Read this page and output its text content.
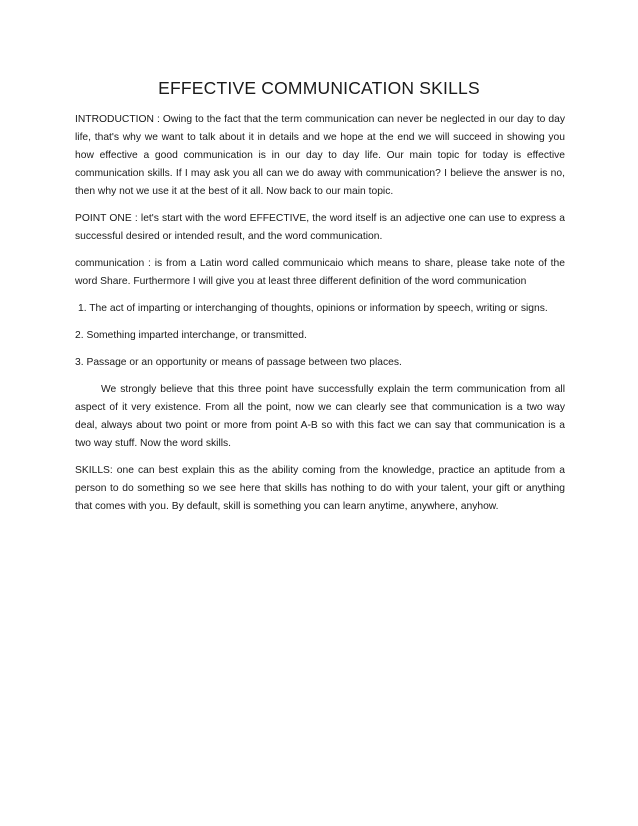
EFFECTIVE COMMUNICATION SKILLS

INTRODUCTION : Owing to the fact that the term communication can never be neglected in our day to day life, that's why we want to talk about it in details and we hope at the end we will succeed in showing you how effective a good communication is in our day to day life. Our main topic for today is effective communication skills. If I may ask you all can we do away with communication? I believe the answer is no, then why not we use it at the best of it all. Now back to our main topic.

POINT ONE : let's start with the word EFFECTIVE, the word itself is an adjective one can use to express a successful desired or intended result, and the word communication.

communication : is from a Latin word called communicaio which means to share, please take note of the word Share. Furthermore I will give you at least three different definition of the word communication

1. The act of imparting or interchanging of thoughts, opinions or information by speech, writing or signs.

2. Something imparted interchange, or transmitted.

3. Passage or an opportunity or means of passage between two places.

We strongly believe that this three point have successfully explain the term communication from all aspect of it very existence. From all the point, now we can clearly see that communication is a two way deal, always about two point or more from point A-B so with this fact we can say that communication is a two way stuff. Now the word skills.

SKILLS: one can best explain this as the ability coming from the knowledge, practice an aptitude from a person to do something so we see here that skills has nothing to do with your talent, your gift or anything that comes with you. By default, skill is something you can learn anytime, anywhere, anyhow.
